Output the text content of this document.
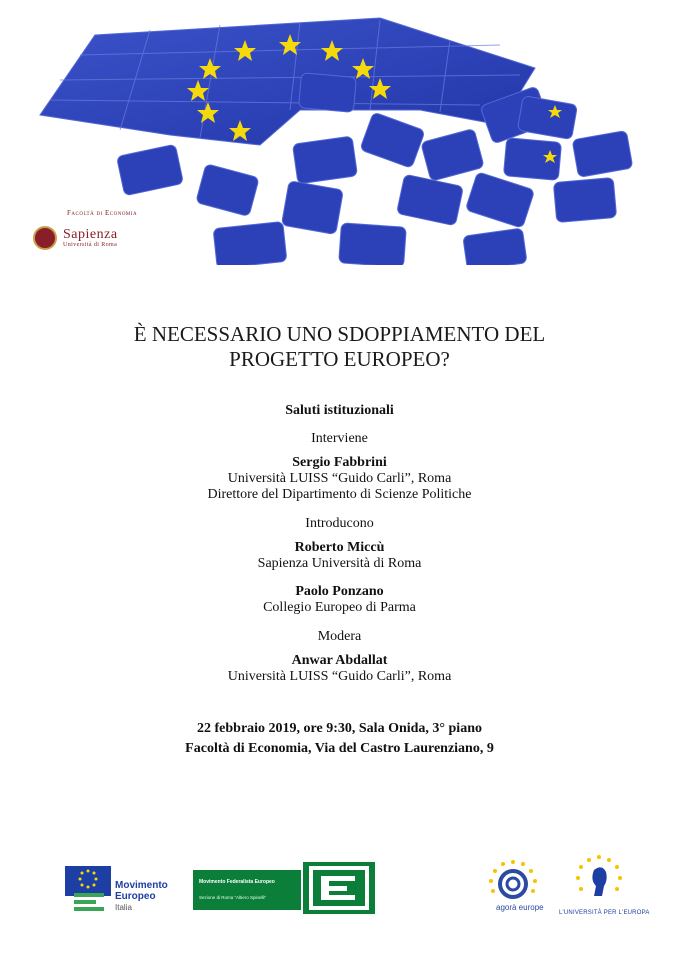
Facoltà di Economia
Sapienza
Università di Roma
È NECESSARIO UNO SDOPPIAMENTO DEL
PROGETTO EUROPEO?
Saluti istituzionali
Interviene
Sergio Fabbrini
Università LUISS “Guido Carli”, Roma
Direttore del Dipartimento di Scienze Politiche
Introducono
Roberto Miccù
Sapienza Università di Roma
Paolo Ponzano
Collegio Europeo di Parma
Modera
Anwar Abdallat
Università LUISS “Guido Carli”, Roma
22 febbraio 2019, ore 9:30, Sala Onida, 3° piano
Facoltà di Economia, Via del Castro Laurenziano, 9
Movimento
Europeo
Italia
Movimento Federalista Europeo
Sezione di Roma “Altiero Spinelli”
agorà europe
L'UNIVERSITÀ PER L'EUROPA
